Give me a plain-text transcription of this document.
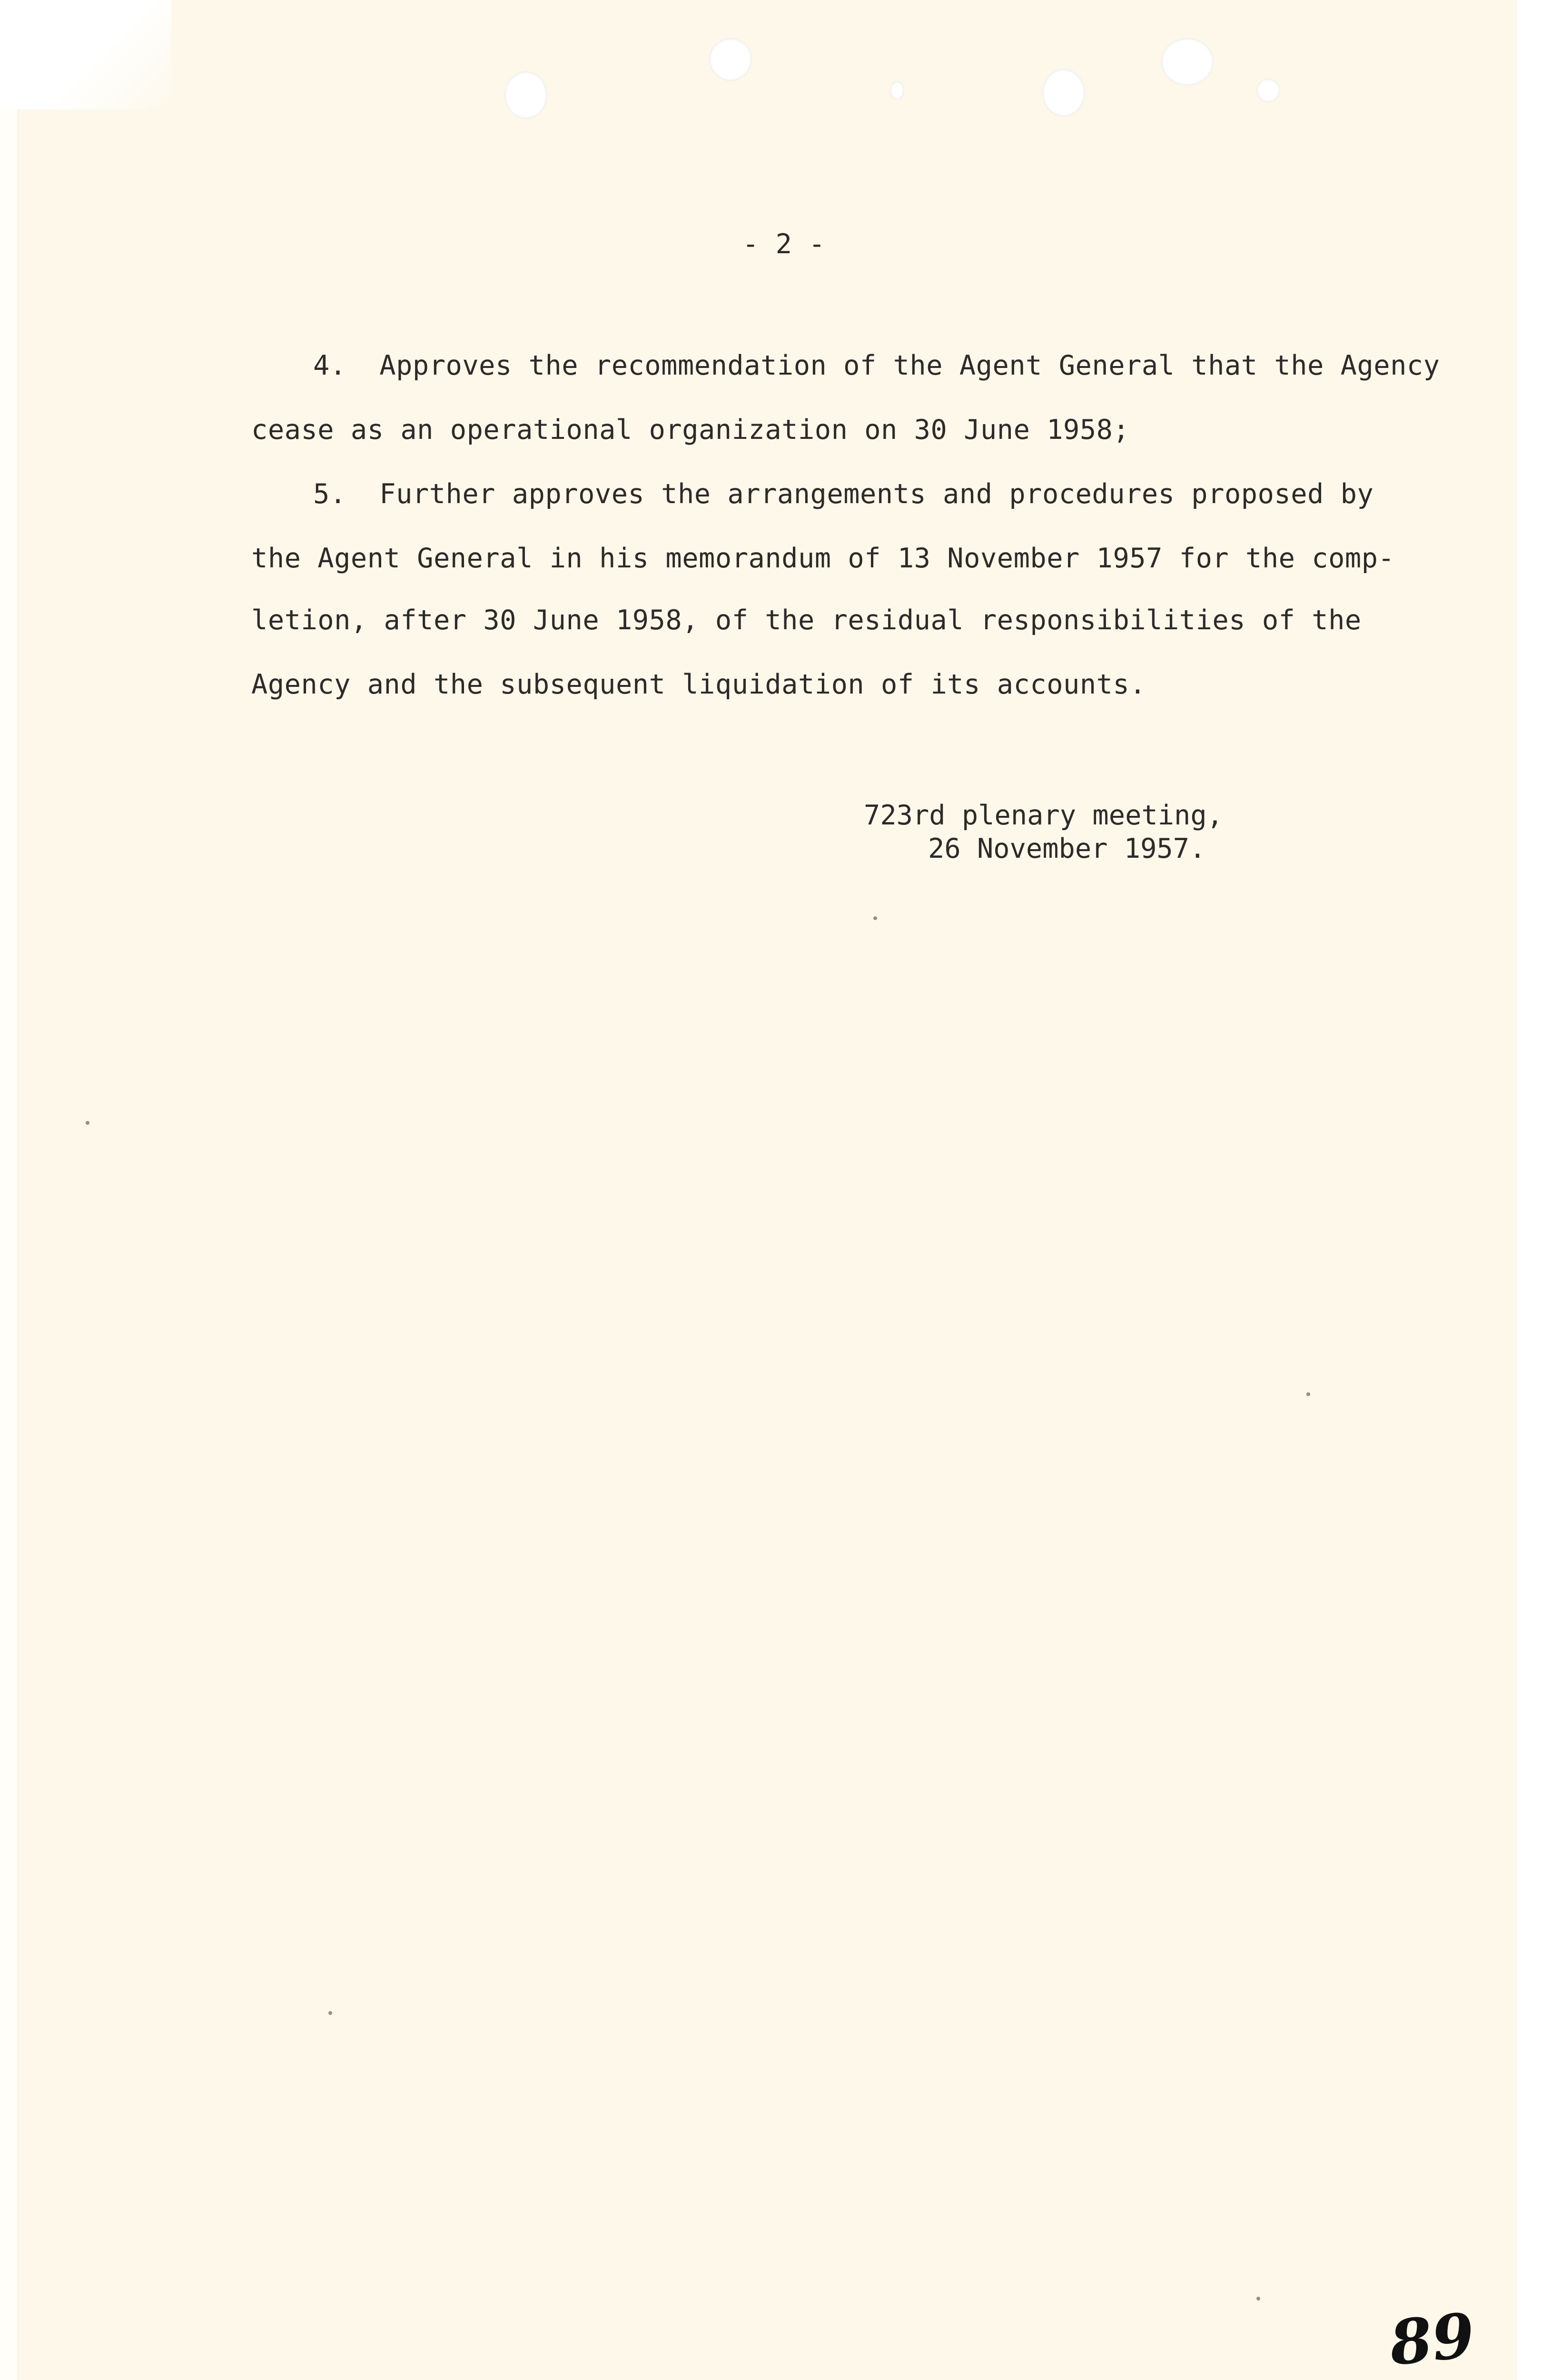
- 2 -
4. Approves the recommendation of the Agent General that the Agency
cease as an operational organization on 30 June 1958;
5. Further approves the arrangements and procedures proposed by
the Agent General in his memorandum of 13 November 1957 for the comp-
letion, after 30 June 1958, of the residual responsibilities of the
Agency and the subsequent liquidation of its accounts.
723rd plenary meeting,
26 November 1957.
89
